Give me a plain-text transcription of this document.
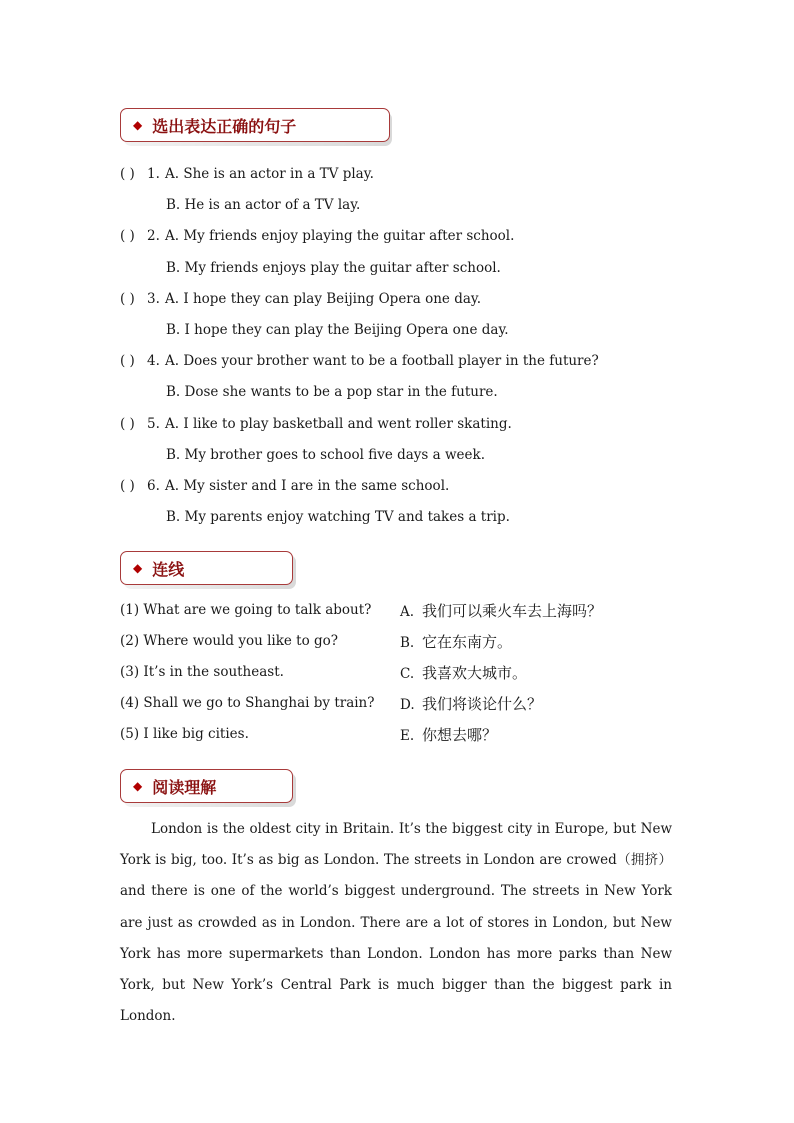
◆ 选出表达正确的句子
( ) 1. A. She is an actor in a TV play.
B. He is an actor of a TV lay.
( ) 2. A. My friends enjoy playing the guitar after school.
B. My friends enjoys play the guitar after school.
( ) 3. A. I hope they can play Beijing Opera one day.
B. I hope they can play the Beijing Opera one day.
( ) 4. A. Does your brother want to be a football player in the future?
B. Dose she wants to be a pop star in the future.
( ) 5. A. I like to play basketball and went roller skating.
B. My brother goes to school five days a week.
( ) 6. A. My sister and I are in the same school.
B. My parents enjoy watching TV and takes a trip.
◆ 连线
(1) What are we going to talk about?
(2) Where would you like to go?
(3) It’s in the southeast.
(4) Shall we go to Shanghai by train?
(5) I like big cities.
A. 我们可以乘火车去上海吗？
B. 它在东南方。
C. 我喜欢大城市。
D. 我们将谈论什么？
E. 你想去哪？
◆ 阅读理解
London is the oldest city in Britain. It’s the biggest city in Europe, but New York is big, too. It’s as big as London. The streets in London are crowed（拥挤）and there is one of the world’s biggest underground. The streets in New York are just as crowded as in London. There are a lot of stores in London, but New York has more supermarkets than London. London has more parks than New York, but New York’s Central Park is much bigger than the biggest park in London.
